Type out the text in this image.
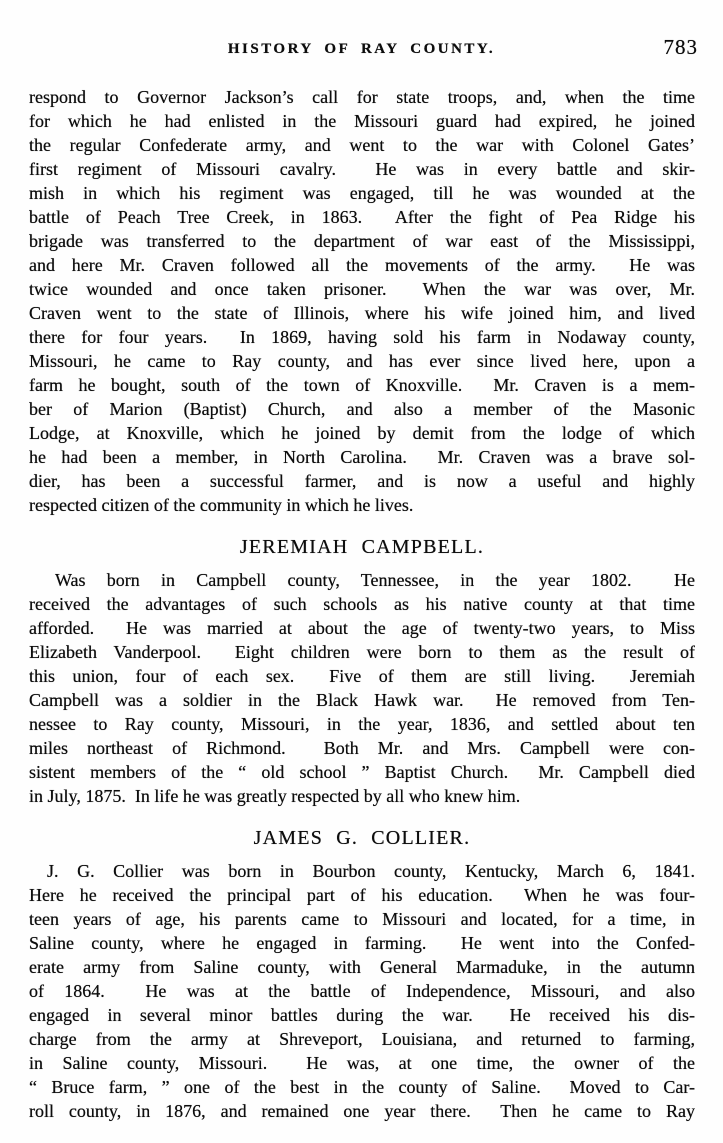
HISTORY OF RAY COUNTY.	783
respond to Governor Jackson’s call for state troops, and, when the time
for which he had enlisted in the Missouri guard had expired, he joined
the regular Confederate army, and went to the war with Colonel Gates’
first regiment of Missouri cavalry.  He was in every battle and skir-
mish in which his regiment was engaged, till he was wounded at the
battle of Peach Tree Creek, in 1863.  After the fight of Pea Ridge his
brigade was transferred to the department of war east of the Mississippi,
and here Mr. Craven followed all the movements of the army.  He was
twice wounded and once taken prisoner.  When the war was over, Mr.
Craven went to the state of Illinois, where his wife joined him, and lived
there for four years.  In 1869, having sold his farm in Nodaway county,
Missouri, he came to Ray county, and has ever since lived here, upon a
farm he bought, south of the town of Knoxville.  Mr. Craven is a mem-
ber of Marion (Baptist) Church, and also a member of the Masonic
Lodge, at Knoxville, which he joined by demit from the lodge of which
he had been a member, in North Carolina.  Mr. Craven was a brave sol-
dier, has been a successful farmer, and is now a useful and highly
respected citizen of the community in which he lives.
JEREMIAH CAMPBELL.
Was born in Campbell county, Tennessee, in the year 1802.  He
received the advantages of such schools as his native county at that time
afforded.  He was married at about the age of twenty-two years, to Miss
Elizabeth Vanderpool.  Eight children were born to them as the result of
this union, four of each sex.  Five of them are still living.  Jeremiah
Campbell was a soldier in the Black Hawk war.  He removed from Ten-
nessee to Ray county, Missouri, in the year, 1836, and settled about ten
miles northeast of Richmond.  Both Mr. and Mrs. Campbell were con-
sistent members of the “ old school ” Baptist Church.  Mr. Campbell died
in July, 1875.  In life he was greatly respected by all who knew him.
JAMES G. COLLIER.
J. G. Collier was born in Bourbon county, Kentucky, March 6, 1841.
Here he received the principal part of his education.  When he was four-
teen years of age, his parents came to Missouri and located, for a time, in
Saline county, where he engaged in farming.  He went into the Confed-
erate army from Saline county, with General Marmaduke, in the autumn
of 1864.  He was at the battle of Independence, Missouri, and also
engaged in several minor battles during the war.  He received his dis-
charge from the army at Shreveport, Louisiana, and returned to farming,
in Saline county, Missouri.  He was, at one time, the owner of the
“ Bruce farm, ” one of the best in the county of Saline.  Moved to Car-
roll county, in 1876, and remained one year there.  Then he came to Ray
